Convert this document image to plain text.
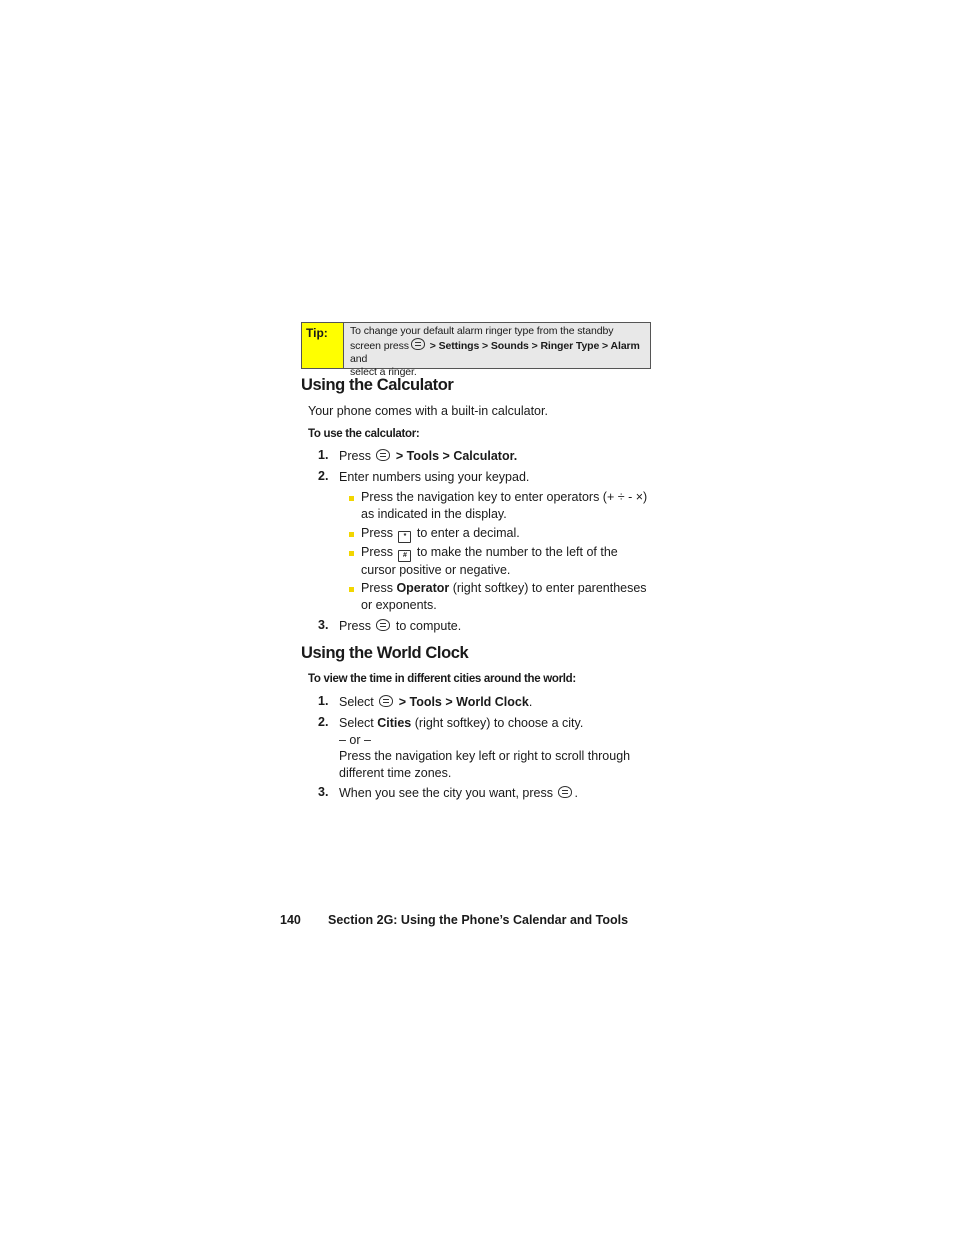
Tip:	To change your default alarm ringer type from the standby
screen press > Settings > Sounds > Ringer Type > Alarm and
select a ringer.
Using the Calculator
Your phone comes with a built-in calculator.
To use the calculator:
1. Press  > Tools > Calculator.
2. Enter numbers using your keypad.
Press the navigation key to enter operators (+ ÷ - ×)
as indicated in the display.
Press * to enter a decimal.
Press # to make the number to the left of the
cursor positive or negative.
Press Operator (right softkey) to enter parentheses
or exponents.
3. Press  to compute.
Using the World Clock
To view the time in different cities around the world:
1. Select  > Tools > World Clock.
2. Select Cities (right softkey) to choose a city.
– or –
Press the navigation key left or right to scroll through
different time zones.
3. When you see the city you want, press .
140 Section 2G: Using the Phone’s Calendar and Tools
